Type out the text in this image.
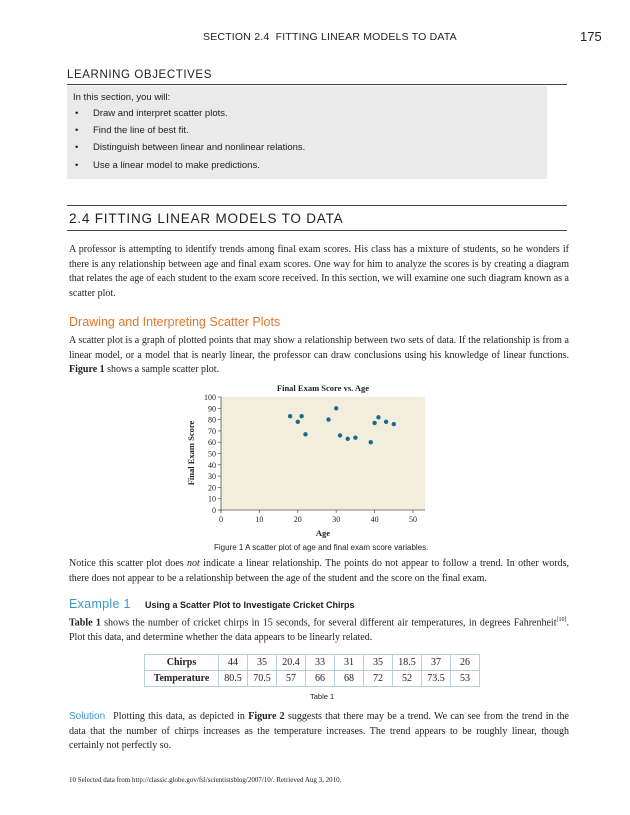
SECTION 2.4 FITTING LINEAR MODELS TO DATA	175
LEARNING OBJECTIVES
In this section, you will:
• Draw and interpret scatter plots.
• Find the line of best fit.
• Distinguish between linear and nonlinear relations.
• Use a linear model to make predictions.
2.4 FITTING LINEAR MODELS TO DATA
A professor is attempting to identify trends among final exam scores. His class has a mixture of students, so he wonders if there is any relationship between age and final exam scores. One way for him to analyze the scores is by creating a diagram that relates the age of each student to the exam score received. In this section, we will examine one such diagram known as a scatter plot.
Drawing and Interpreting Scatter Plots
A scatter plot is a graph of plotted points that may show a relationship between two sets of data. If the relationship is from a linear model, or a model that is nearly linear, the professor can draw conclusions using his knowledge of linear functions. Figure 1 shows a sample scatter plot.
Final Exam Score vs. Age
Age
Final Exam Score
0
10
20
30
40
50
60
70
80
90
100
0	10	20	30	40	50
Figure 1 A scatter plot of age and final exam score variables.
Notice this scatter plot does not indicate a linear relationship. The points do not appear to follow a trend. In other words, there does not appear to be a relationship between the age of the student and the score on the final exam.
Example 1 Using a Scatter Plot to Investigate Cricket Chirps
Table 1 shows the number of cricket chirps in 15 seconds, for several different air temperatures, in degrees Fahrenheit[10]. Plot this data, and determine whether the data appears to be linearly related.
Chirps	44	35	20.4	33	31	35	18.5	37	26
Temperature	80.5	70.5	57	66	68	72	52	73.5	53
Table 1
Solution Plotting this data, as depicted in Figure 2 suggests that there may be a trend. We can see from the trend in the data that the number of chirps increases as the temperature increases. The trend appears to be roughly linear, though certainly not perfectly so.
10 Selected data from http://classic.globe.gov/fsl/scientistsblog/2007/10/. Retrieved Aug 3, 2010.
